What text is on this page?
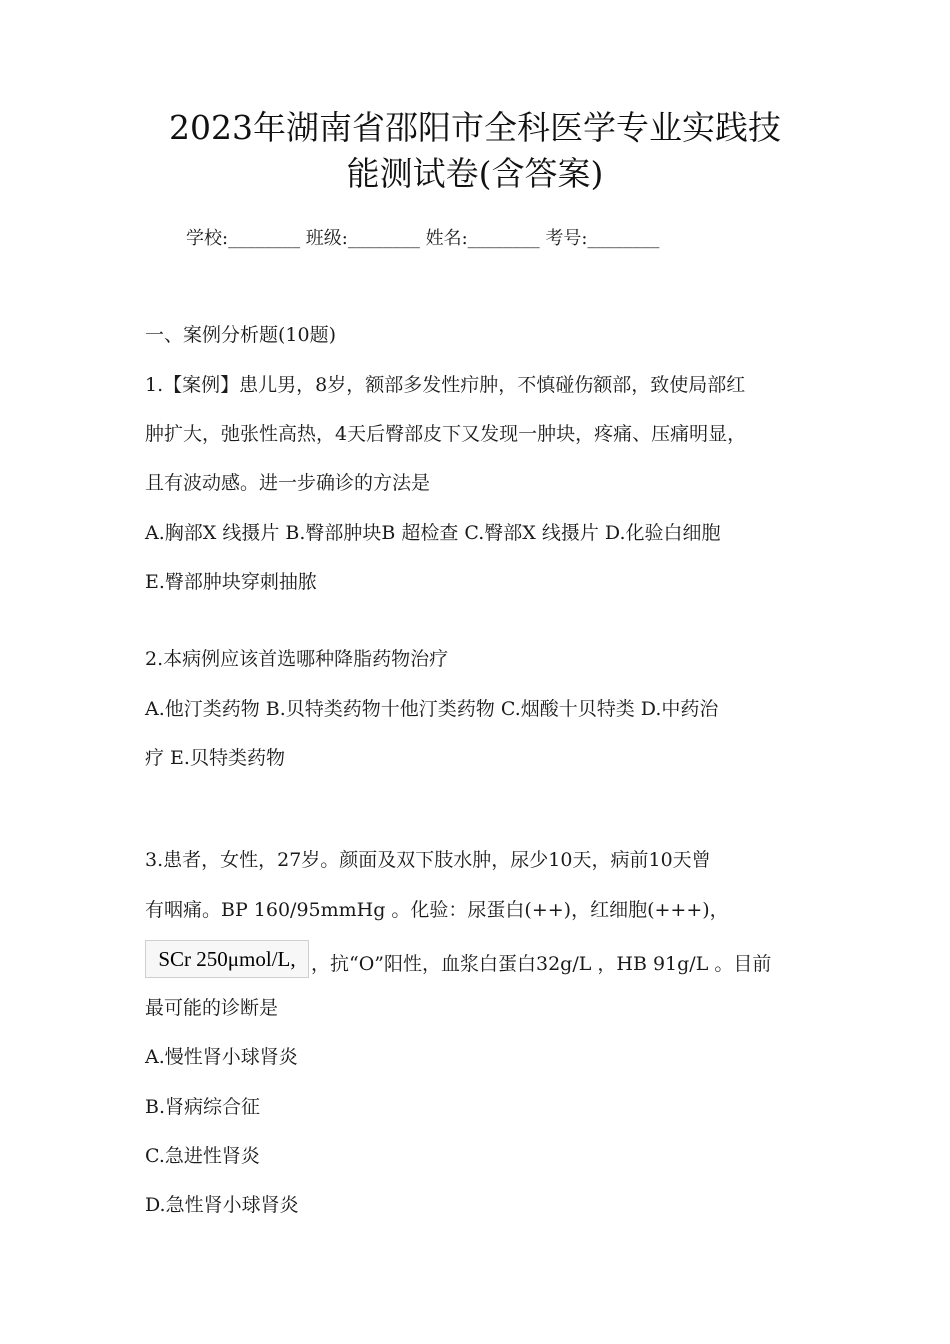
2023年湖南省邵阳市全科医学专业实践技
能测试卷(含答案)
学校:________ 班级:________ 姓名:________ 考号:________
一、案例分析题(10题)
1.【案例】患儿男，8岁，额部多发性疖肿，不慎碰伤额部，致使局部红
肿扩大，弛张性高热，4天后臀部皮下又发现一肿块，疼痛、压痛明显，
且有波动感。进一步确诊的方法是
A.胸部X 线摄片 B.臀部肿块B 超检查 C.臀部X 线摄片 D.化验白细胞
E.臀部肿块穿刺抽脓
2.本病例应该首选哪种降脂药物治疗
A.他汀类药物 B.贝特类药物十他汀类药物 C.烟酸十贝特类 D.中药治
疗 E.贝特类药物
3.患者，女性，27岁。颜面及双下肢水肿，尿少10天，病前10天曾
有咽痛。BP 160/95mmHg 。化验：尿蛋白(++)，红细胞(+++)，
SCr 250μmol/L, ，抗“O”阳性，血浆白蛋白32g/L ，HB 91g/L 。目前
最可能的诊断是
A.慢性肾小球肾炎
B.肾病综合征
C.急进性肾炎
D.急性肾小球肾炎
